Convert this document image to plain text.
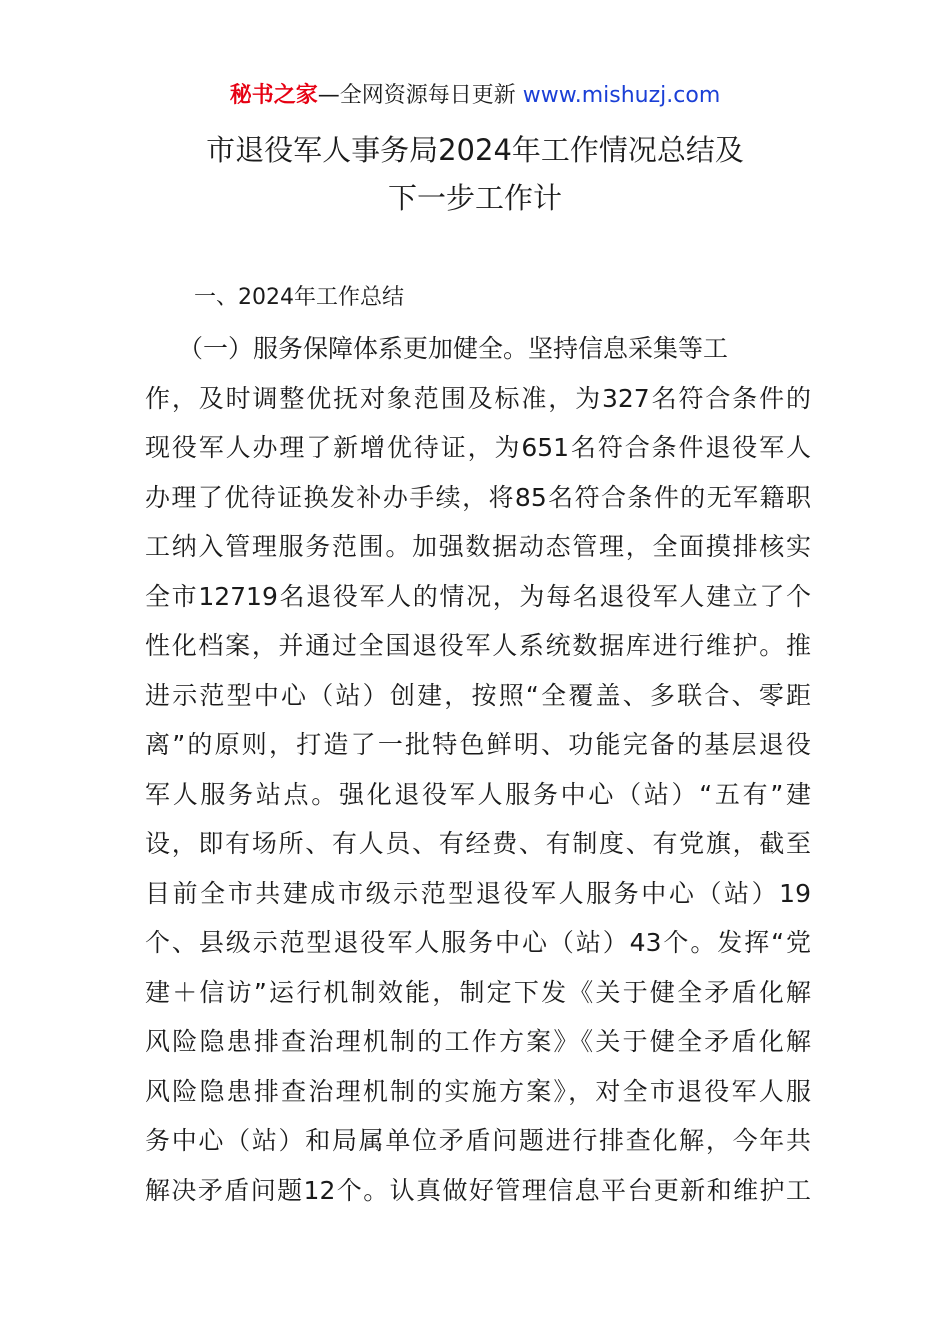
秘书之家—全网资源每日更新 www.mishuzj.com
市退役军人事务局2024年工作情况总结及
下一步工作计
一、2024年工作总结
（一）服务保障体系更加健全。坚持信息采集等工
作，及时调整优抚对象范围及标准，为327名符合条件的
现役军人办理了新增优待证，为651名符合条件退役军人
办理了优待证换发补办手续，将85名符合条件的无军籍职
工纳入管理服务范围。加强数据动态管理，全面摸排核实
全市12719名退役军人的情况，为每名退役军人建立了个
性化档案，并通过全国退役军人系统数据库进行维护。推
进示范型中心（站）创建，按照“全覆盖、多联合、零距
离”的原则，打造了一批特色鲜明、功能完备的基层退役
军人服务站点。强化退役军人服务中心（站）“五有”建
设，即有场所、有人员、有经费、有制度、有党旗，截至
目前全市共建成市级示范型退役军人服务中心（站）19
个、县级示范型退役军人服务中心（站）43个。发挥“党
建＋信访”运行机制效能，制定下发《关于健全矛盾化解
风险隐患排查治理机制的工作方案》《关于健全矛盾化解
风险隐患排查治理机制的实施方案》，对全市退役军人服
务中心（站）和局属单位矛盾问题进行排查化解，今年共
解决矛盾问题12个。认真做好管理信息平台更新和维护工
